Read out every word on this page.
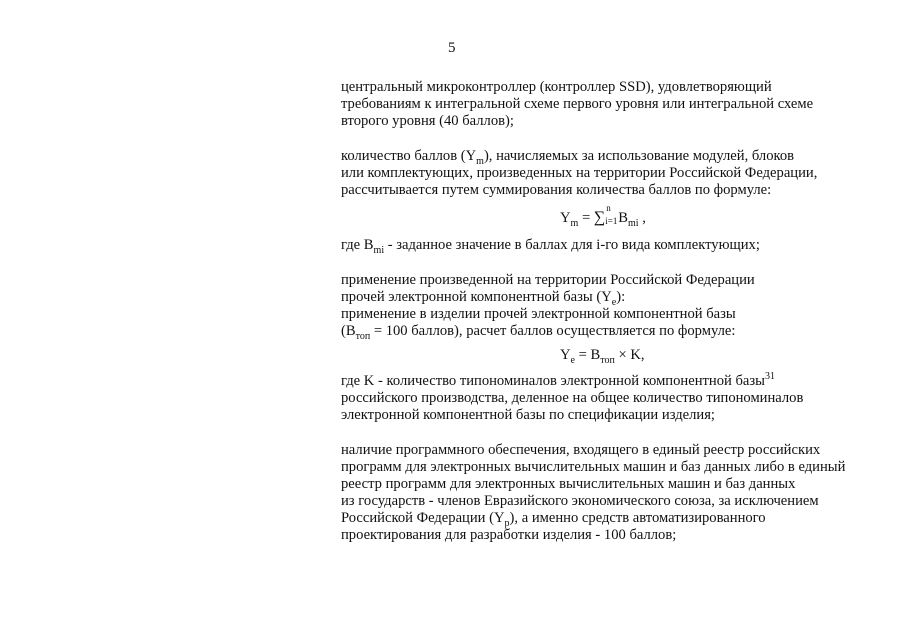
5
центральный микроконтроллер (контроллер SSD), удовлетворяющий
требованиям к интегральной схеме первого уровня или интегральной схеме
второго уровня (40 баллов);
количество баллов $(Y_m)$, начисляемых за использование модулей, блоков
или комплектующих, произведенных на территории Российской Федерации,
рассчитывается путем суммирования количества баллов по формуле:
$Y_m$ = ∑
n
i=1 $B_{mi}$ ,
где $B_{mi}$ - заданное значение в баллах для i-го вида комплектующих;
применение произведенной на территории Российской Федерации
прочей электронной компонентной базы $(Y_e)$:
применение в изделии прочей электронной компонентной базы
($B_{топ} = 100$ баллов), расчет баллов осуществляется по формуле:
$Y_e = B_{топ} \times K$,
где K - количество типономиналов электронной компонентной базы$^{31}$
российского производства, деленное на общее количество типономиналов
электронной компонентной базы по спецификации изделия;
наличие программного обеспечения, входящего в единый реестр российских
программ для электронных вычислительных машин и баз данных либо в единый
реестр программ для электронных вычислительных машин и баз данных
из государств - членов Евразийского экономического союза, за исключением
Российской Федерации $(Y_p)$, а именно средств автоматизированного
проектирования для разработки изделия - 100 баллов;
